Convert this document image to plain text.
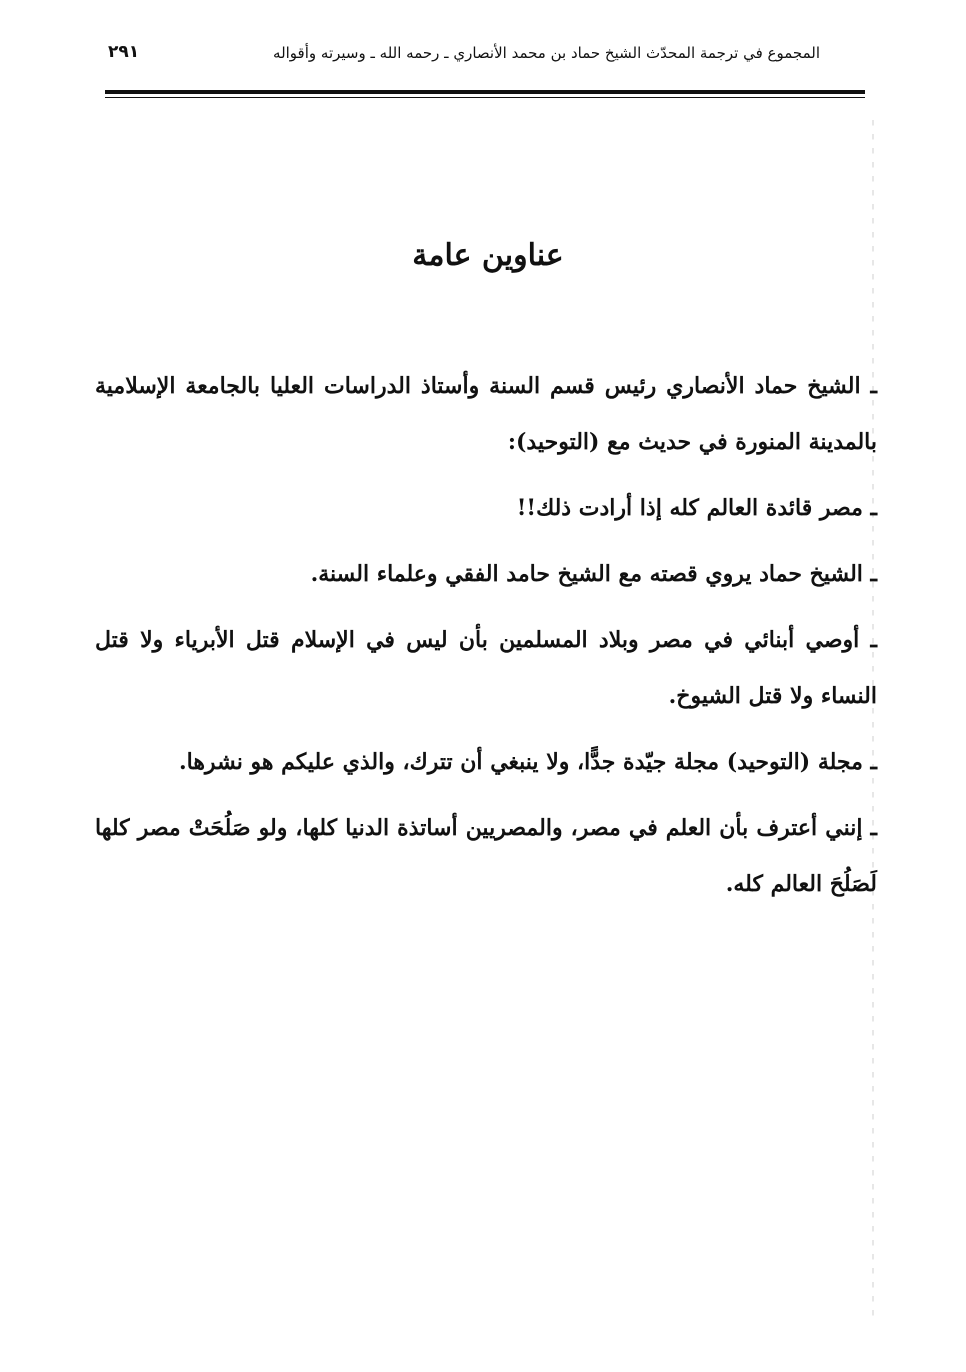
المجموع في ترجمة المحدّث الشيخ حماد بن محمد الأنصاري ـ رحمه الله ـ وسيرته وأقواله
٢٩١
عناوين عامة

ـ الشيخ حماد الأنصاري رئيس قسم السنة وأستاذ الدراسات العليا بالجامعة الإسلامية بالمدينة المنورة في حديث مع (التوحيد):

ـ مصر قائدة العالم كله إذا أرادت ذلك!!

ـ الشيخ حماد يروي قصته مع الشيخ حامد الفقي وعلماء السنة.

ـ أوصي أبنائي في مصر وبلاد المسلمين بأن ليس في الإسلام قتل الأبرياء ولا قتل النساء ولا قتل الشيوخ.

ـ مجلة (التوحيد) مجلة جيّدة جدًّا، ولا ينبغي أن تترك، والذي عليكم هو نشرها.

ـ إنني أعترف بأن العلم في مصر، والمصريين أساتذة الدنيا كلها، ولو صَلُحَتْ مصر كلها لَصَلُحَ العالم كله.
